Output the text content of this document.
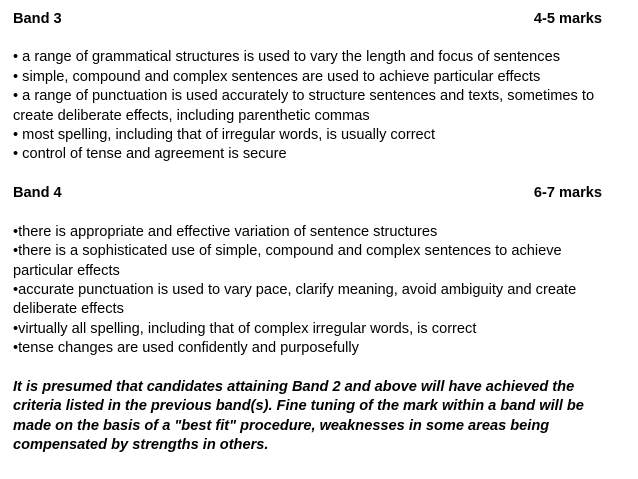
Band 3	4-5 marks
• a range of grammatical structures is used to vary the length and focus of sentences
• simple, compound and complex sentences are used to achieve particular effects
• a range of punctuation is used accurately to structure sentences and texts, sometimes to create deliberate effects, including parenthetic commas
• most spelling, including that of irregular words, is usually correct
• control of tense and agreement is secure
Band 4	6-7 marks
•there is appropriate and effective variation of sentence structures
•there is a sophisticated use of simple, compound and complex sentences to achieve particular effects
•accurate punctuation is used to vary pace, clarify meaning, avoid ambiguity and create deliberate effects
•virtually all spelling, including that of complex irregular words, is correct
•tense changes are used confidently and purposefully

It is presumed that candidates attaining Band 2 and above will have achieved the criteria listed in the previous band(s). Fine tuning of the mark within a band will be made on the basis of a "best fit" procedure, weaknesses in some areas being compensated by strengths in others.
